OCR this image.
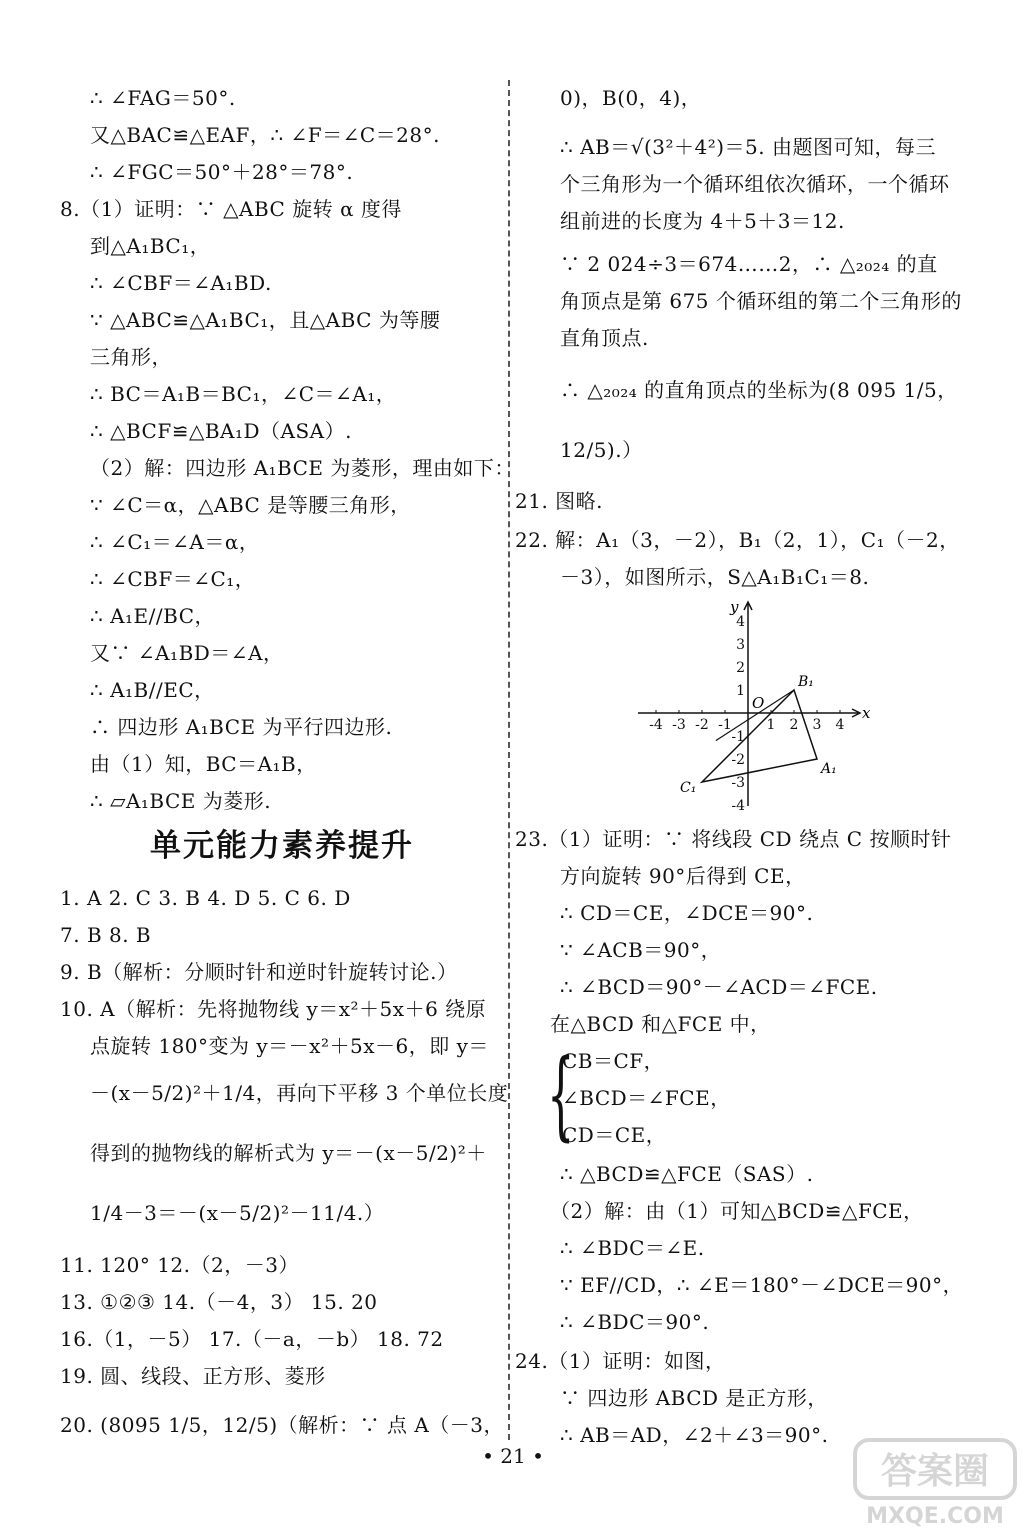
∴ ∠FAG＝50°.
又△BAC≌△EAF，∴ ∠F＝∠C＝28°.
∴ ∠FGC＝50°＋28°＝78°.
8.（1）证明：∵ △ABC 旋转 α 度得
到△A₁BC₁，
∴ ∠CBF＝∠A₁BD.
∵ △ABC≌△A₁BC₁，且△ABC 为等腰
三角形，
∴ BC＝A₁B＝BC₁，∠C＝∠A₁，
∴ △BCF≌△BA₁D（ASA）.
（2）解：四边形 A₁BCE 为菱形，理由如下：
∵ ∠C＝α，△ABC 是等腰三角形，
∴ ∠C₁＝∠A＝α，
∴ ∠CBF＝∠C₁，
∴ A₁E//BC，
又∵ ∠A₁BD＝∠A，
∴ A₁B//EC，
∴ 四边形 A₁BCE 为平行四边形.
由（1）知，BC＝A₁B，
∴ ▱A₁BCE 为菱形.
单元能力素养提升
1. A 2. C 3. B 4. D 5. C 6. D
7. B 8. B
9. B（解析：分顺时针和逆时针旋转讨论.）
10. A（解析：先将抛物线 y＝x²＋5x＋6 绕原
点旋转 180°变为 y＝－x²＋5x－6，即 y＝
－(x－5/2)²＋1/4，再向下平移 3 个单位长度
得到的抛物线的解析式为 y＝－(x－5/2)²＋
1/4－3＝－(x－5/2)²－11/4.）
11. 120° 12.（2，－3）
13. ①②③ 14.（－4，3） 15. 20
16.（1，－5） 17.（－a，－b） 18. 72
19. 圆、线段、正方形、菱形
20. (8095 1/5，12/5)（解析：∵ 点 A（－3，
0)，B(0，4)，
∴ AB＝√(3²＋4²)＝5. 由题图可知，每三
个三角形为一个循环组依次循环，一个循环
组前进的长度为 4＋5＋3＝12.
∵ 2 024÷3＝674……2，∴ △₂₀₂₄ 的直
角顶点是第 675 个循环组的第二个三角形的
直角顶点.
∴ △₂₀₂₄ 的直角顶点的坐标为(8 095 1/5，
12/5).）
21. 图略.
22. 解：A₁（3，－2），B₁（2，1），C₁（－2，
－3），如图所示，S△A₁B₁C₁＝8.
-4 -3 -2 -1 1 2 3 4
4
3
2
1
-1
-2
-3
-4
x
y
O
B₁
A₁
C₁
23.（1）证明：∵ 将线段 CD 绕点 C 按顺时针
方向旋转 90°后得到 CE，
∴ CD＝CE，∠DCE＝90°.
∵ ∠ACB＝90°，
∴ ∠BCD＝90°－∠ACD＝∠FCE.
在△BCD 和△FCE 中，
{
CB＝CF，
∠BCD＝∠FCE，
CD＝CE，
∴ △BCD≌△FCE（SAS）.
（2）解：由（1）可知△BCD≌△FCE，
∴ ∠BDC＝∠E.
∵ EF//CD，∴ ∠E＝180°－∠DCE＝90°，
∴ ∠BDC＝90°.
24.（1）证明：如图，
∵ 四边形 ABCD 是正方形，
∴ AB＝AD，∠2＋∠3＝90°.
• 21 •	答案圈
MXQE.COM
